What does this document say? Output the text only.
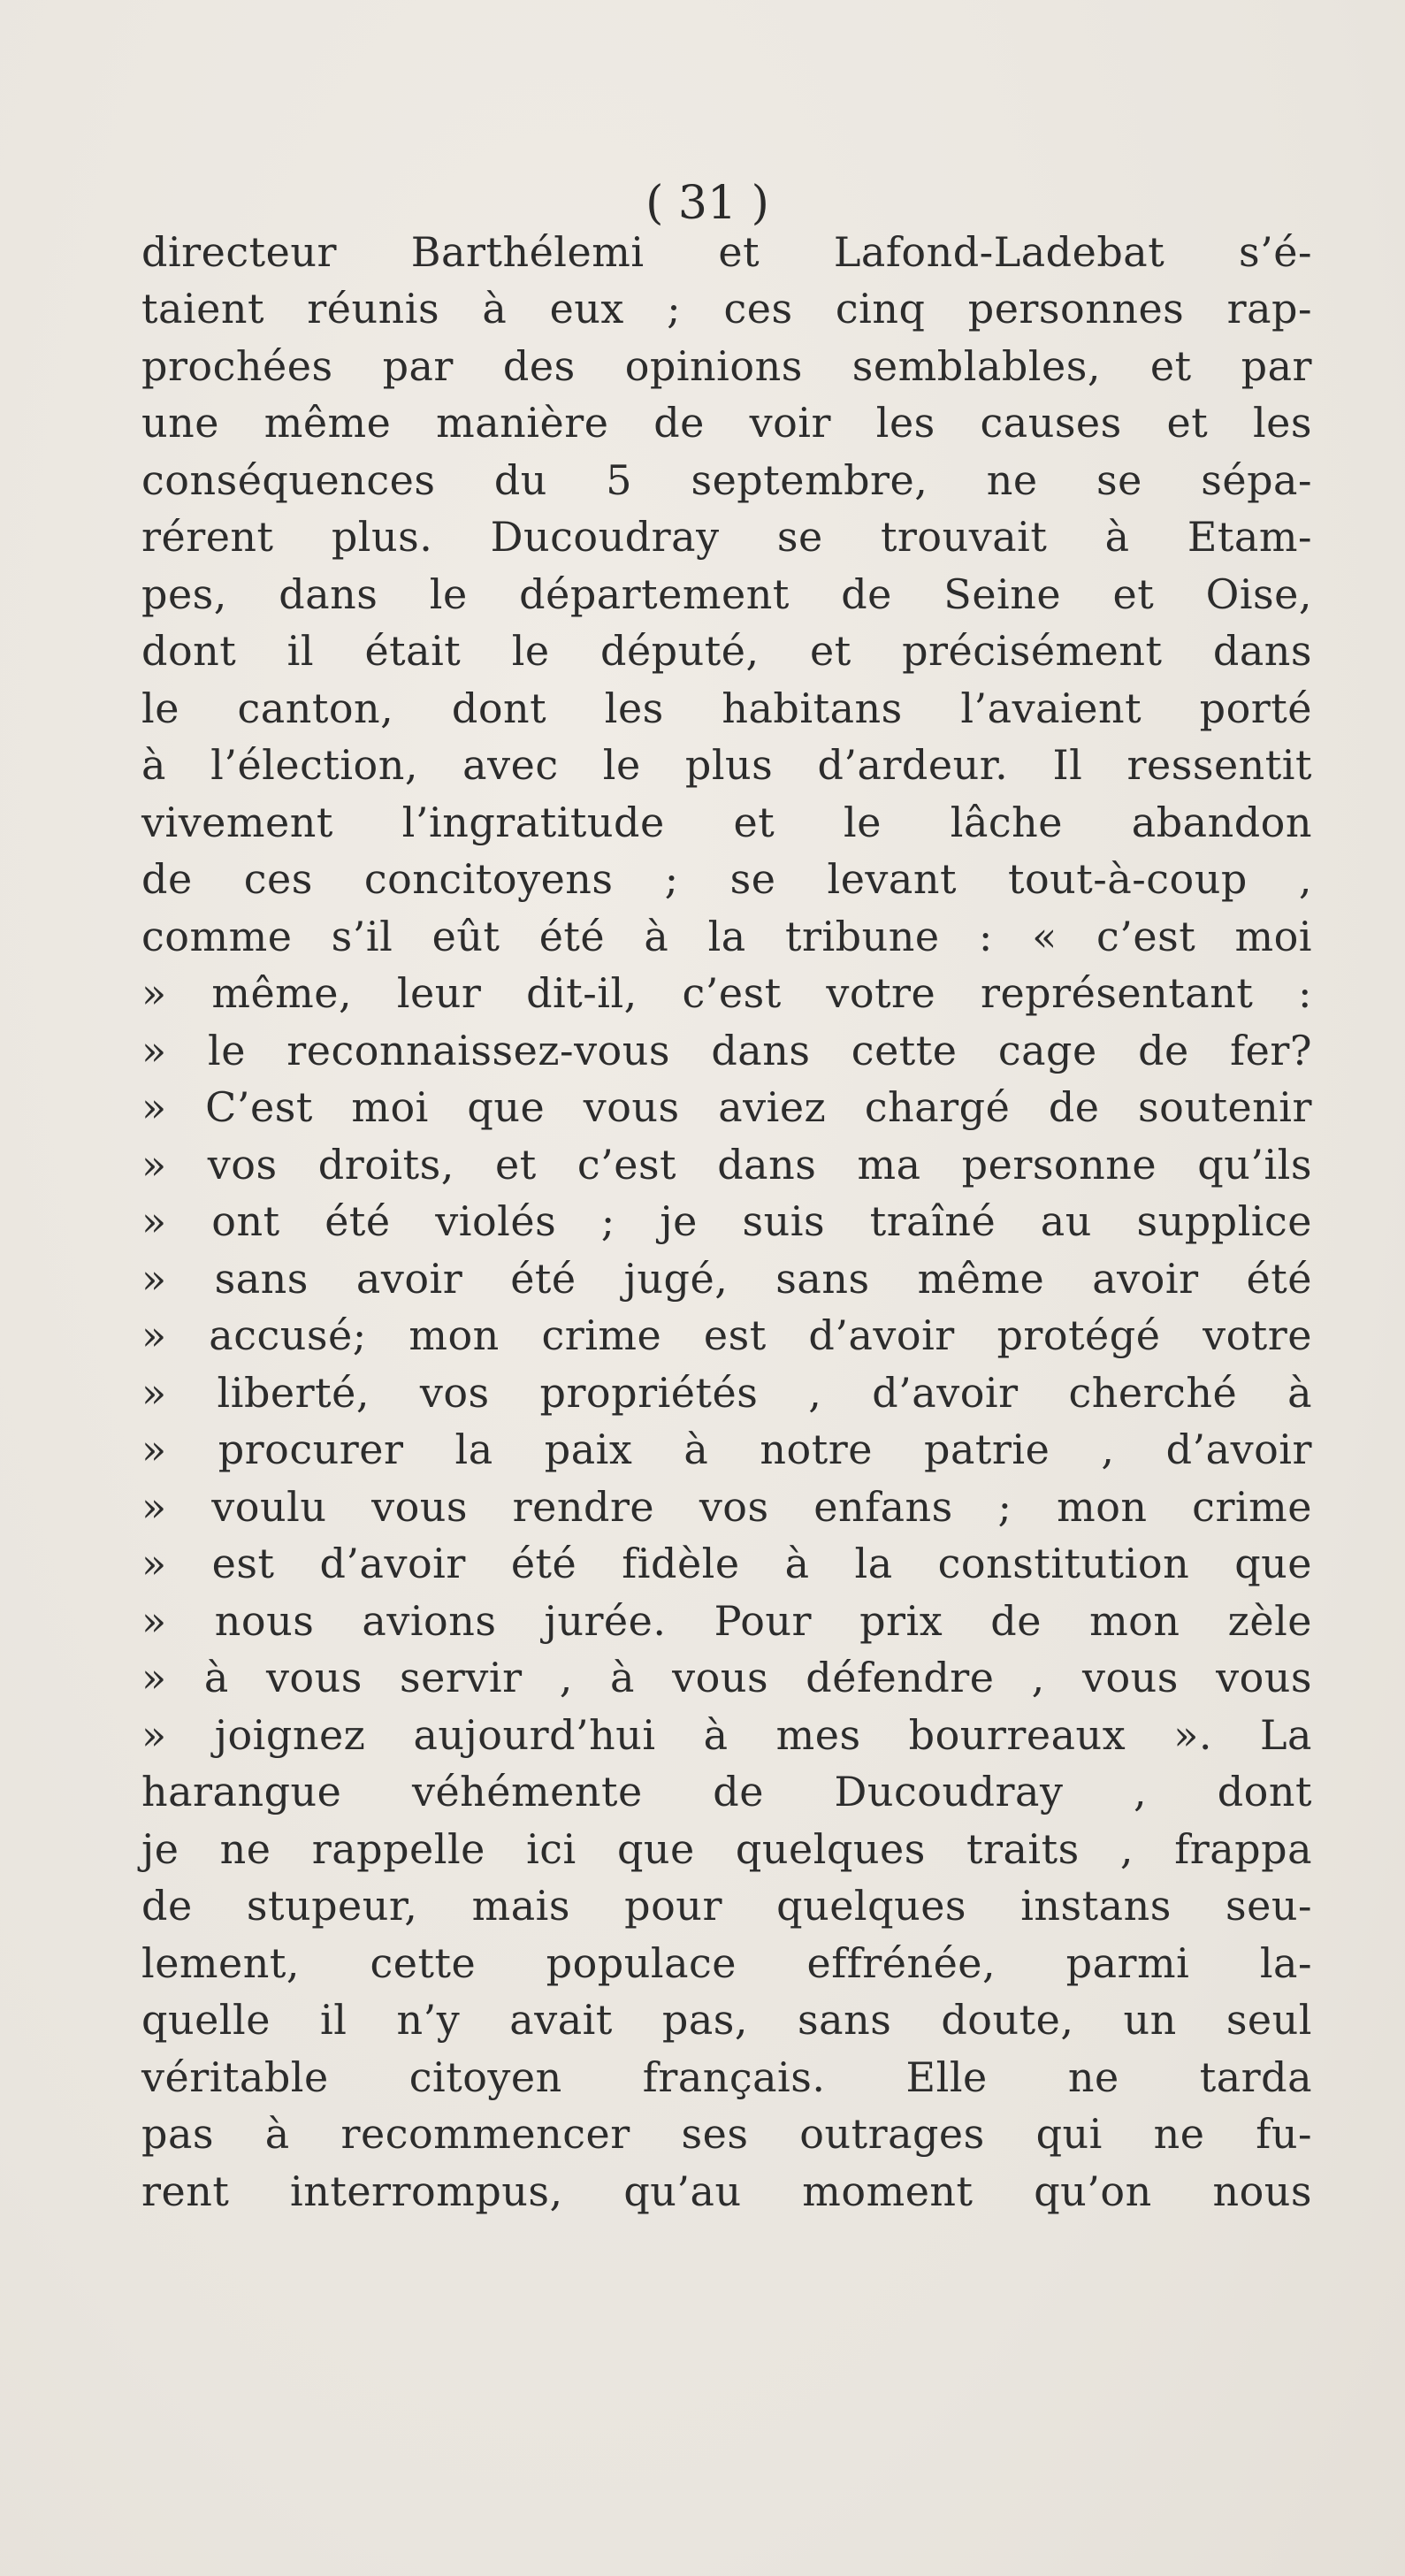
( 31 )
directeur Barthélemi et Lafond-Ladebat s’é-
taient réunis à eux ; ces cinq personnes rap-
prochées par des opinions semblables, et par
une même manière de voir les causes et les
conséquences du 5 septembre, ne se sépa-
rérent plus. Ducoudray se trouvait à Etam-
pes, dans le département de Seine et Oise,
dont il était le député, et précisément dans
le canton, dont les habitans l’avaient porté
à l’élection, avec le plus d’ardeur. Il ressentit
vivement l’ingratitude et le lâche abandon
de ces concitoyens ; se levant tout-à-coup ,
comme s’il eût été à la tribune : « c’est moi
» même, leur dit-il, c’est votre représentant :
» le reconnaissez-vous dans cette cage de fer?
» C’est moi que vous aviez chargé de soutenir
» vos droits, et c’est dans ma personne qu’ils
» ont été violés ; je suis traîné au supplice
» sans avoir été jugé, sans même avoir été
» accusé; mon crime est d’avoir protégé votre
» liberté, vos propriétés , d’avoir cherché à
» procurer la paix à notre patrie , d’avoir
» voulu vous rendre vos enfans ; mon crime
» est d’avoir été fidèle à la constitution que
» nous avions jurée. Pour prix de mon zèle
» à vous servir , à vous défendre , vous vous
» joignez aujourd’hui à mes bourreaux ». La
harangue véhémente de Ducoudray , dont
je ne rappelle ici que quelques traits , frappa
de stupeur, mais pour quelques instans seu-
lement, cette populace effrénée, parmi la-
quelle il n’y avait pas, sans doute, un seul
véritable citoyen français. Elle ne tarda
pas à recommencer ses outrages qui ne fu-
rent interrompus, qu’au moment qu’on nous
